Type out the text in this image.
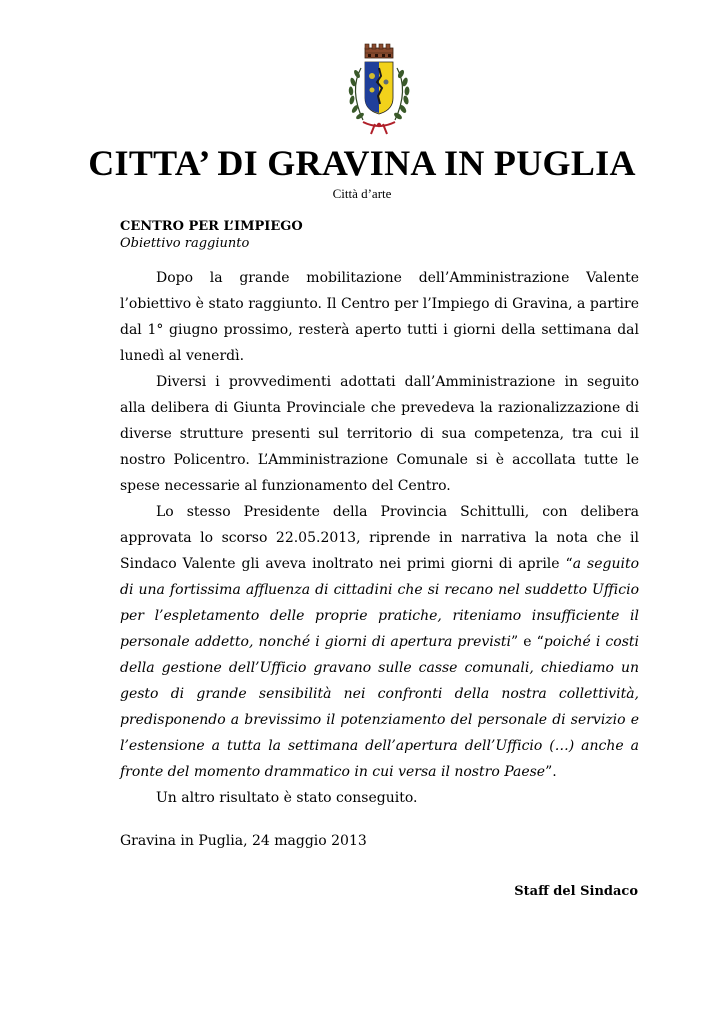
CITTA’ DI GRAVINA IN PUGLIA
Città d’arte
CENTRO PER L’IMPIEGO
Obiettivo raggiunto

Dopo la grande mobilitazione dell’Amministrazione Valente l’obiettivo è stato raggiunto. Il Centro per l’Impiego di Gravina, a partire dal 1° giugno prossimo, resterà aperto tutti i giorni della settimana dal lunedì al venerdì.

Diversi i provvedimenti adottati dall’Amministrazione in seguito alla delibera di Giunta Provinciale che prevedeva la razionalizzazione di diverse strutture presenti sul territorio di sua competenza, tra cui il nostro Policentro. L’Amministrazione Comunale si è accollata tutte le spese necessarie al funzionamento del Centro.

Lo stesso Presidente della Provincia Schittulli, con delibera approvata lo scorso 22.05.2013, riprende in narrativa la nota che il Sindaco Valente gli aveva inoltrato nei primi giorni di aprile “a seguito di una fortissima affluenza di cittadini che si recano nel suddetto Ufficio per l’espletamento delle proprie pratiche, riteniamo insufficiente il personale addetto, nonché i giorni di apertura previsti” e “poiché i costi della gestione dell’Ufficio gravano sulle casse comunali, chiediamo un gesto di grande sensibilità nei confronti della nostra collettività, predisponendo a brevissimo il potenziamento del personale di servizio e l’estensione a tutta la settimana dell’apertura dell’Ufficio (…) anche a fronte del momento drammatico in cui versa il nostro Paese”.

Un altro risultato è stato conseguito.

Gravina in Puglia, 24 maggio 2013
Staff del Sindaco
